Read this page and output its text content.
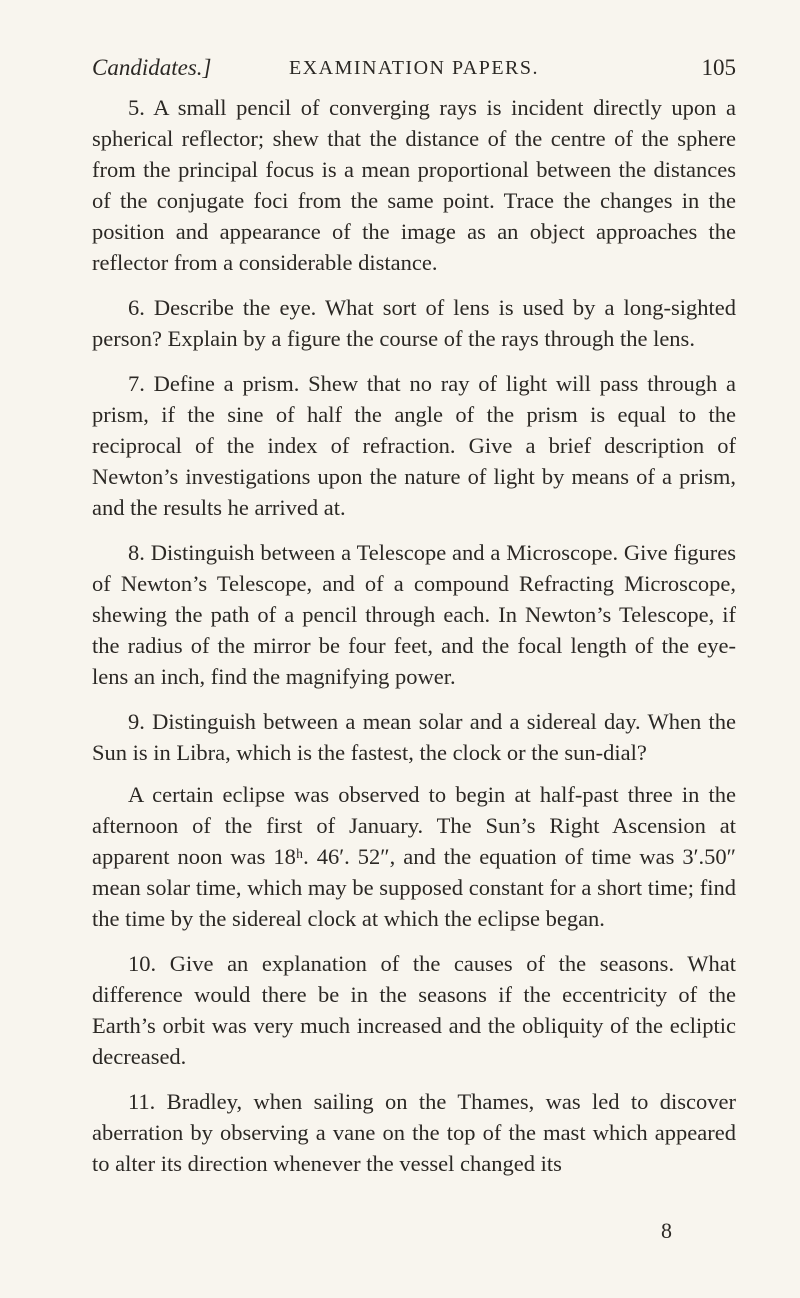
Candidates.]	EXAMINATION PAPERS.	105

5. A small pencil of converging rays is incident directly upon a spherical reflector; shew that the distance of the centre of the sphere from the principal focus is a mean proportional between the distances of the conjugate foci from the same point. Trace the changes in the position and appearance of the image as an object approaches the reflector from a considerable distance.

6. Describe the eye. What sort of lens is used by a long-sighted person? Explain by a figure the course of the rays through the lens.

7. Define a prism. Shew that no ray of light will pass through a prism, if the sine of half the angle of the prism is equal to the reciprocal of the index of refraction. Give a brief description of Newton’s investigations upon the nature of light by means of a prism, and the results he arrived at.

8. Distinguish between a Telescope and a Microscope. Give figures of Newton’s Telescope, and of a compound Refracting Microscope, shewing the path of a pencil through each. In Newton’s Telescope, if the radius of the mirror be four feet, and the focal length of the eye-lens an inch, find the magnifying power.

9. Distinguish between a mean solar and a sidereal day. When the Sun is in Libra, which is the fastest, the clock or the sun-dial?

A certain eclipse was observed to begin at half-past three in the afternoon of the first of January. The Sun’s Right Ascension at apparent noon was 18ʰ. 46′. 52″, and the equation of time was 3′.50″ mean solar time, which may be supposed constant for a short time; find the time by the sidereal clock at which the eclipse began.

10. Give an explanation of the causes of the seasons. What difference would there be in the seasons if the eccentricity of the Earth’s orbit was very much increased and the obliquity of the ecliptic decreased.

11. Bradley, when sailing on the Thames, was led to discover aberration by observing a vane on the top of the mast which appeared to alter its direction whenever the vessel changed its

8
